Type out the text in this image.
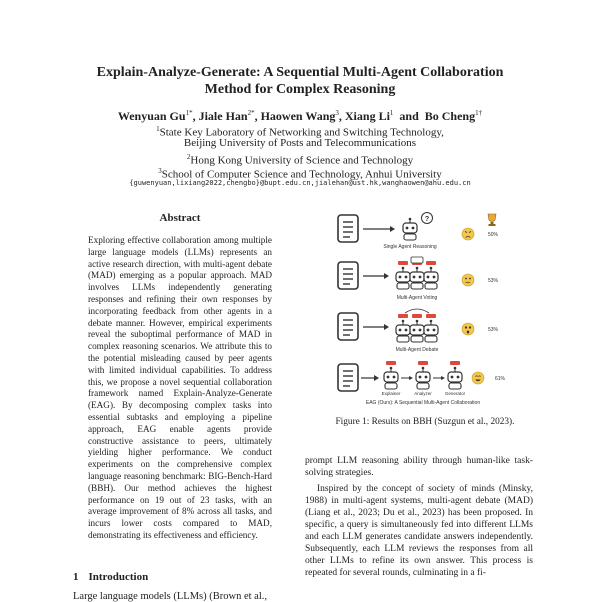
Explain-Analyze-Generate: A Sequential Multi-Agent Collaboration
Method for Complex Reasoning
Wenyuan $Gu^{1*}$, Jiale Han$^{2*}$, Haowen Wang$^3$, Xiang Li$^1$ and Bo Cheng$^{1\dagger}$
$^1$State Key Laboratory of Networking and Switching Technology,
Beijing University of Posts and Telecommunications
$^2$Hong Kong University of Science and Technology
$^3$School of Computer Science and Technology, Anhui University
{guwenyuan,lixiang2022,chengbo}@bupt.edu.cn,jialehan@ust.hk,wanghaowen@ahu.edu.cn
Abstract
Exploring effective collaboration among multiple large language models (LLMs) represents an active research direction, with multi-agent debate (MAD) emerging as a popular approach. MAD involves LLMs independently generating responses and refining their own responses by incorporating feedback from other agents in a debate manner. However, empirical experiments reveal the suboptimal performance of MAD in complex reasoning scenarios. We attribute this to the potential misleading caused by peer agents with limited individual capabilities. To address this, we propose a novel sequential collaboration framework named Explain-Analyze-Generate (EAG). By decomposing complex tasks into essential subtasks and employing a pipeline approach, EAG enable agents provide constructive assistance to peers, ultimately yielding higher performance. We conduct experiments on the comprehensive complex language reasoning benchmark: BIG-Bench-Hard (BBH). Our method achieves the highest performance on 19 out of 23 tasks, with an average improvement of 8% across all tasks, and incurs lower costs compared to MAD, demonstrating its effectiveness and efficiency.
1 Introduction
Large language models (LLMs) (Brown et al.,
?
Single Agent Reasoning
50%
Multi-Agent Voting
53%
Multi-Agent Debate
53%
Explainer	Analyzer	Generator
EAG (Ours): A Sequential Multi-Agent Collaboration
61%
Figure 1: Results on BBH (Suzgun et al., 2023).

prompt LLM reasoning ability through human-like task-solving strategies.

Inspired by the concept of society of minds (Minsky, 1988) in multi-agent systems, multi-agent debate (MAD) (Liang et al., 2023; Du et al., 2023) has been proposed. In specific, a query is simultaneously fed into different LLMs and each LLM generates candidate answers independently. Subsequently, each LLM reviews the responses from all other LLMs to refine its own answer. This process is repeated for several rounds, culminating in a fi-
